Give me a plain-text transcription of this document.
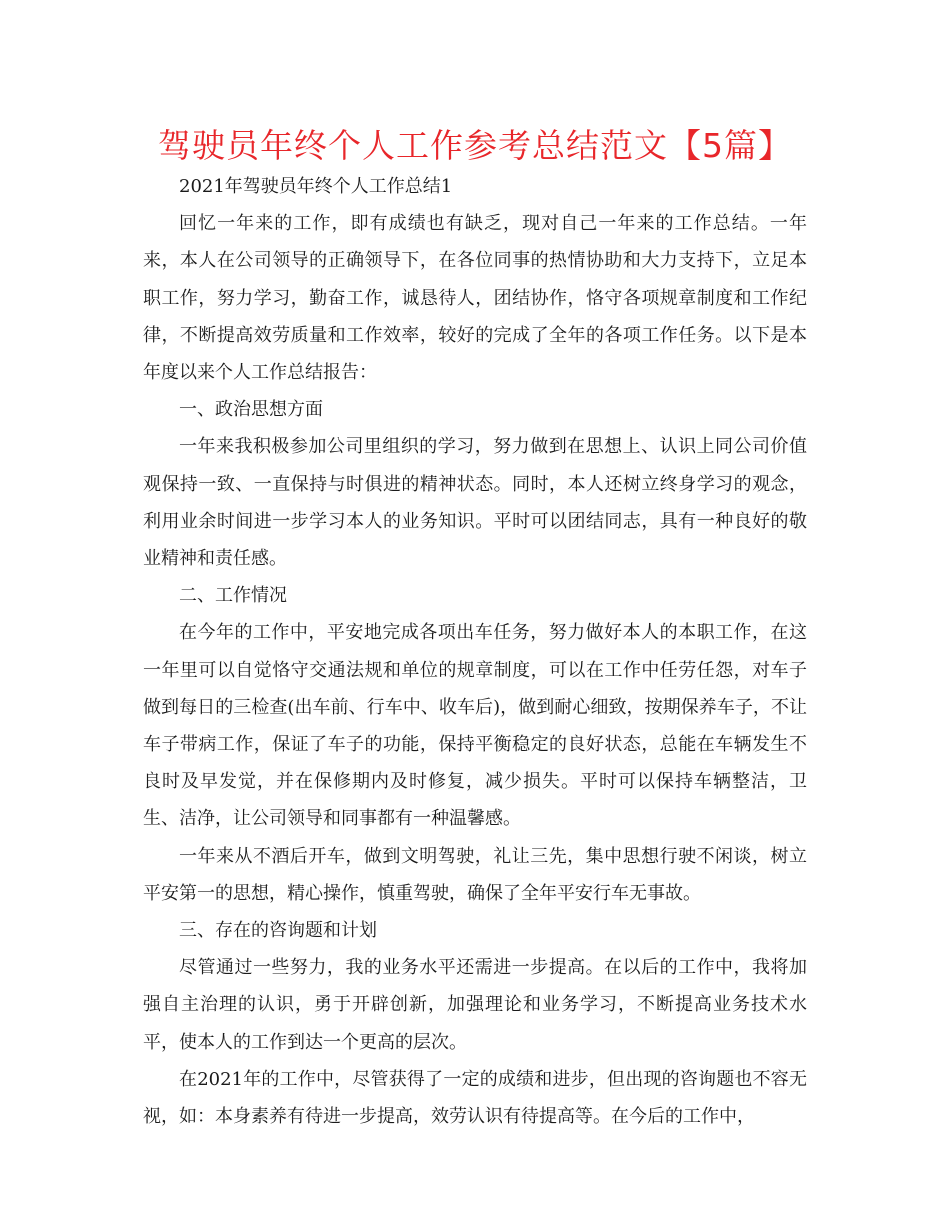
驾驶员年终个人工作参考总结范文【5篇】

2021年驾驶员年终个人工作总结1

回忆一年来的工作，即有成绩也有缺乏，现对自己一年来的工作总结。一年来，本人在公司领导的正确领导下，在各位同事的热情协助和大力支持下，立足本职工作，努力学习，勤奋工作，诚恳待人，团结协作，恪守各项规章制度和工作纪律，不断提高效劳质量和工作效率，较好的完成了全年的各项工作任务。以下是本年度以来个人工作总结报告：

一、政治思想方面

一年来我积极参加公司里组织的学习，努力做到在思想上、认识上同公司价值观保持一致、一直保持与时俱进的精神状态。同时，本人还树立终身学习的观念，利用业余时间进一步学习本人的业务知识。平时可以团结同志，具有一种良好的敬业精神和责任感。

二、工作情况

在今年的工作中，平安地完成各项出车任务，努力做好本人的本职工作，在这一年里可以自觉恪守交通法规和单位的规章制度，可以在工作中任劳任怨，对车子做到每日的三检查(出车前、行车中、收车后)，做到耐心细致，按期保养车子，不让车子带病工作，保证了车子的功能，保持平衡稳定的良好状态，总能在车辆发生不良时及早发觉，并在保修期内及时修复，减少损失。平时可以保持车辆整洁，卫生、洁净，让公司领导和同事都有一种温馨感。

一年来从不酒后开车，做到文明驾驶，礼让三先，集中思想行驶不闲谈，树立平安第一的思想，精心操作，慎重驾驶，确保了全年平安行车无事故。

三、存在的咨询题和计划

尽管通过一些努力，我的业务水平还需进一步提高。在以后的工作中，我将加强自主治理的认识，勇于开辟创新，加强理论和业务学习，不断提高业务技术水平，使本人的工作到达一个更高的层次。

在2021年的工作中，尽管获得了一定的成绩和进步，但出现的咨询题也不容无视，如：本身素养有待进一步提高，效劳认识有待提高等。在今后的工作中，
